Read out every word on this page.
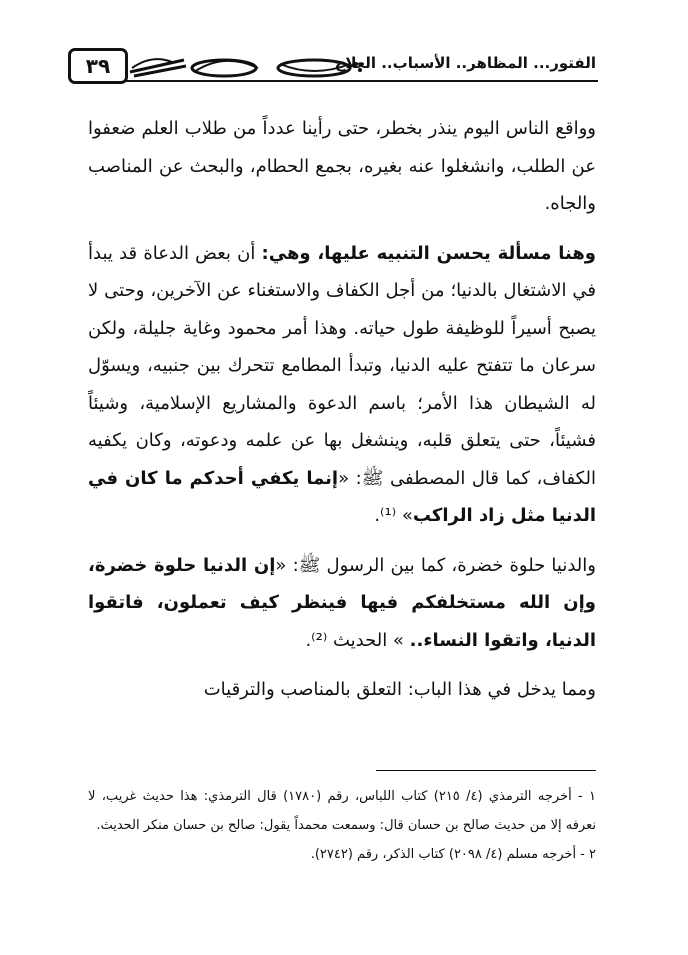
٣٩	الفتور... المظاهر.. الأسباب.. العلاج

وواقع الناس اليوم ينذر بخطر، حتى رأينا عدداً من طلاب العلم ضعفوا عن الطلب، وانشغلوا عنه بغيره، بجمع الحطام، والبحث عن المناصب والجاه.

وهنا مسألة يحسن التنبيه عليها، وهي: أن بعض الدعاة قد يبدأ في الاشتغال بالدنيا؛ من أجل الكفاف والاستغناء عن الآخرين، وحتى لا يصبح أسيراً للوظيفة طول حياته. وهذا أمر محمود وغاية جليلة، ولكن سرعان ما تتفتح عليه الدنيا، وتبدأ المطامع تتحرك بين جنبيه، ويسوّل له الشيطان هذا الأمر؛ باسم الدعوة والمشاريع الإسلامية، وشيئاً فشيئاً، حتى يتعلق قلبه، وينشغل بها عن علمه ودعوته، وكان يكفيه الكفاف، كما قال المصطفى ﷺ: «إنما يكفي أحدكم ما كان في الدنيا مثل زاد الراكب» ⁽¹⁾.

والدنيا حلوة خضرة، كما بين الرسول ﷺ: «إن الدنيا حلوة خضرة، وإن الله مستخلفكم فيها فينظر كيف تعملون، فاتقوا الدنيا، واتقوا النساء.. » الحديث ⁽²⁾.

ومما يدخل في هذا الباب: التعلق بالمناصب والترقيات

١ - أخرجه الترمذي (٤/ ٢١٥) كتاب اللباس، رقم (١٧٨٠) قال الترمذي: هذا حديث غريب، لا نعرفه إلا من حديث صالح بن حسان قال: وسمعت محمداً يقول: صالح بن حسان منكر الحديث.

٢ - أخرجه مسلم (٤/ ٢٠٩٨) كتاب الذكر، رقم (٢٧٤٢).
